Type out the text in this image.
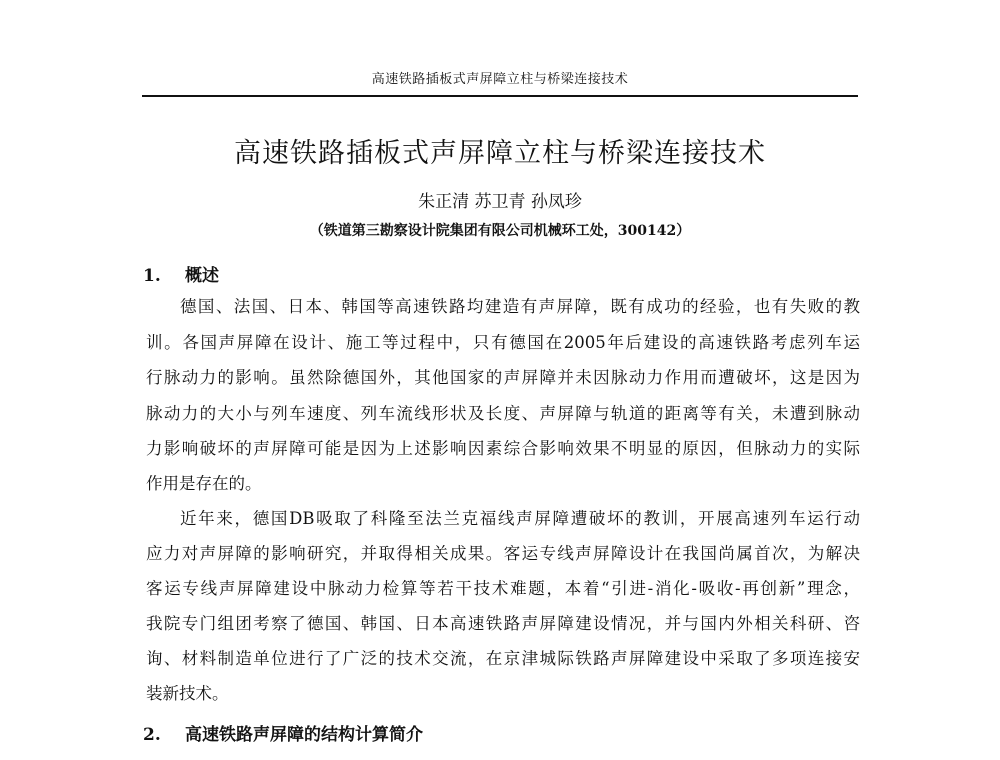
高速铁路插板式声屏障立柱与桥梁连接技术
高速铁路插板式声屏障立柱与桥梁连接技术
朱正清 苏卫青 孙凤珍
（铁道第三勘察设计院集团有限公司机械环工处，300142）
1. 概述
德国、法国、日本、韩国等高速铁路均建造有声屏障，既有成功的经验，也有失败的教
训。各国声屏障在设计、施工等过程中，只有德国在2005年后建设的高速铁路考虑列车运
行脉动力的影响。虽然除德国外，其他国家的声屏障并未因脉动力作用而遭破坏，这是因为
脉动力的大小与列车速度、列车流线形状及长度、声屏障与轨道的距离等有关，未遭到脉动
力影响破坏的声屏障可能是因为上述影响因素综合影响效果不明显的原因，但脉动力的实际
作用是存在的。
近年来，德国DB吸取了科隆至法兰克福线声屏障遭破坏的教训，开展高速列车运行动
应力对声屏障的影响研究，并取得相关成果。客运专线声屏障设计在我国尚属首次，为解决
客运专线声屏障建设中脉动力检算等若干技术难题，本着“引进-消化-吸收-再创新”理念，
我院专门组团考察了德国、韩国、日本高速铁路声屏障建设情况，并与国内外相关科研、咨
询、材料制造单位进行了广泛的技术交流，在京津城际铁路声屏障建设中采取了多项连接安
装新技术。
2. 高速铁路声屏障的结构计算简介
